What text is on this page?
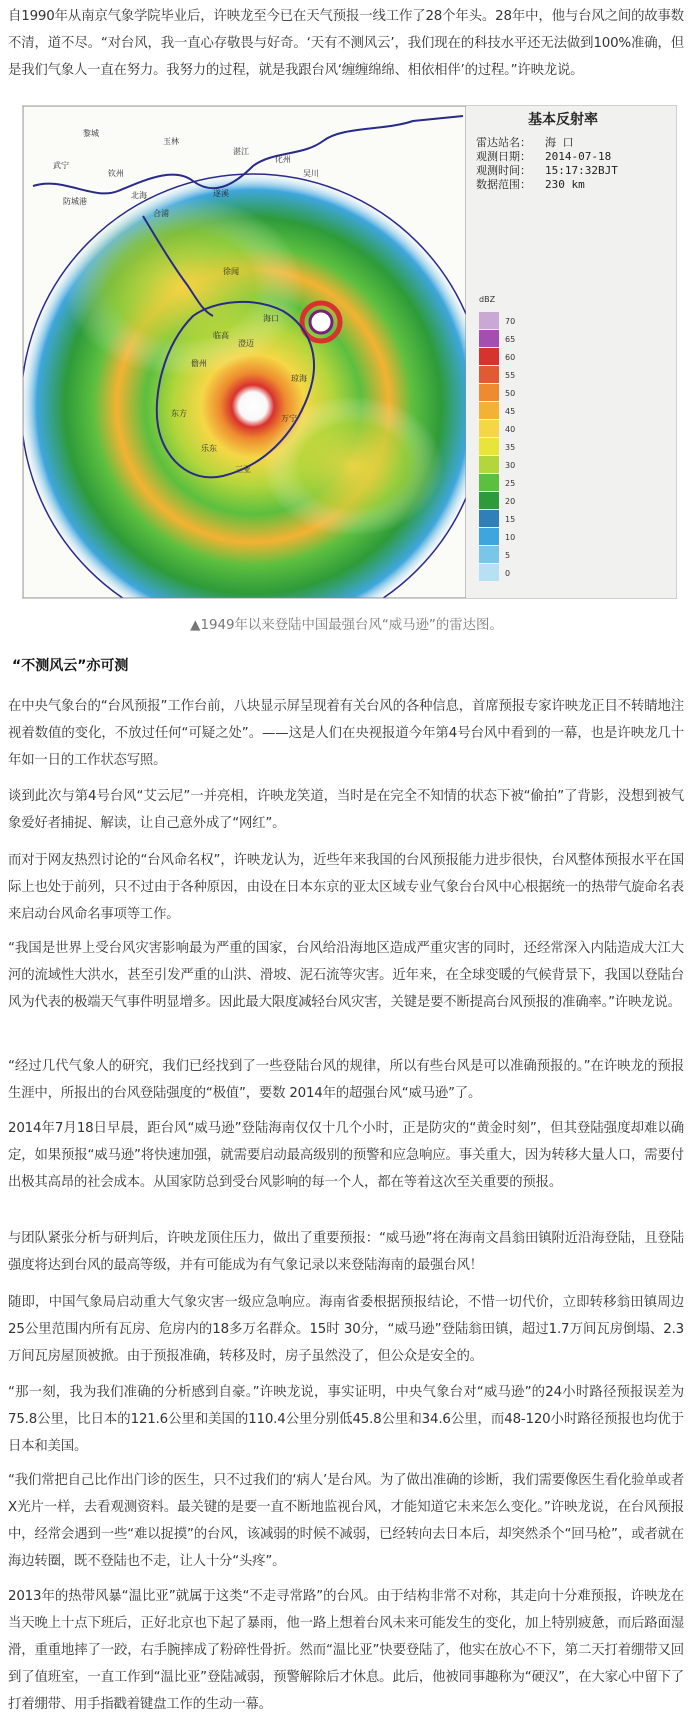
自1990年从南京气象学院毕业后，许映龙至今已在天气预报一线工作了28个年头。28年中，他与台风之间的故事数不清，道不尽。“对台风，我一直心存敬畏与好奇。‘天有不测风云’，我们现在的科技水平还无法做到100%准确，但是我们气象人一直在努力。我努力的过程，就是我跟台风‘缠缠绵绵、相依相伴’的过程。”许映龙说。

黎城
武宁
玉林
北海
湛江
化州
防城港
钦州
合浦
海口
儋州
东方
三亚
琼海
万宁
乐东
吴川
遂溪
徐闻
临高
澄迈
基本反射率
雷达站名： 海 口
观测日期： 2014-07-18
观测时间： 15:17:32BJT
数据范围： 230 km
dBZ
70
65
60
55
50
45
40
35
30
25
20
15
10
5
0
▲1949年以来登陆中国最强台风“威马逊”的雷达图。
“不测风云”亦可测

在中央气象台的“台风预报”工作台前，八块显示屏呈现着有关台风的各种信息，首席预报专家许映龙正目不转睛地注视着数值的变化，不放过任何“可疑之处”。——这是人们在央视报道今年第4号台风中看到的一幕，也是许映龙几十年如一日的工作状态写照。

谈到此次与第4号台风“艾云尼”一并亮相，许映龙笑道，当时是在完全不知情的状态下被“偷拍”了背影，没想到被气象爱好者捕捉、解读，让自己意外成了“网红”。

而对于网友热烈讨论的“台风命名权”，许映龙认为，近些年来我国的台风预报能力进步很快，台风整体预报水平在国际上也处于前列，只不过由于各种原因，由设在日本东京的亚太区域专业气象台台风中心根据统一的热带气旋命名表来启动台风命名事项等工作。

“我国是世界上受台风灾害影响最为严重的国家，台风给沿海地区造成严重灾害的同时，还经常深入内陆造成大江大河的流域性大洪水，甚至引发严重的山洪、滑坡、泥石流等灾害。近年来，在全球变暖的气候背景下，我国以登陆台风为代表的极端天气事件明显增多。因此最大限度减轻台风灾害，关键是要不断提高台风预报的准确率。”许映龙说。

“经过几代气象人的研究，我们已经找到了一些登陆台风的规律，所以有些台风是可以准确预报的。”在许映龙的预报生涯中，所报出的台风登陆强度的“极值”，要数 2014年的超强台风“威马逊”了。

2014年7月18日早晨，距台风“威马逊”登陆海南仅仅十几个小时，正是防灾的“黄金时刻”，但其登陆强度却难以确定，如果预报“威马逊”将快速加强，就需要启动最高级别的预警和应急响应。事关重大，因为转移大量人口，需要付出极其高昂的社会成本。从国家防总到受台风影响的每一个人，都在等着这次至关重要的预报。

与团队紧张分析与研判后，许映龙顶住压力，做出了重要预报：“威马逊”将在海南文昌翁田镇附近沿海登陆，且登陆强度将达到台风的最高等级，并有可能成为有气象记录以来登陆海南的最强台风！

随即，中国气象局启动重大气象灾害一级应急响应。海南省委根据预报结论，不惜一切代价，立即转移翁田镇周边25公里范围内所有瓦房、危房内的18多万名群众。15时 30分，“威马逊”登陆翁田镇，超过1.7万间瓦房倒塌、2.3万间瓦房屋顶被掀。由于预报准确，转移及时，房子虽然没了，但公众是安全的。

“那一刻，我为我们准确的分析感到自豪。”许映龙说，事实证明，中央气象台对“威马逊”的24小时路径预报误差为75.8公里，比日本的121.6公里和美国的110.4公里分别低45.8公里和34.6公里，而48-120小时路径预报也均优于日本和美国。

“我们常把自己比作出门诊的医生，只不过我们的‘病人’是台风。为了做出准确的诊断，我们需要像医生看化验单或者X光片一样，去看观测资料。最关键的是要一直不断地监视台风，才能知道它未来怎么变化。”许映龙说，在台风预报中，经常会遇到一些“难以捉摸”的台风，该减弱的时候不减弱，已经转向去日本后，却突然杀个“回马枪”，或者就在海边转圈，既不登陆也不走，让人十分“头疼”。

2013年的热带风暴“温比亚”就属于这类“不走寻常路”的台风。由于结构非常不对称，其走向十分难预报，许映龙在当天晚上十点下班后，正好北京也下起了暴雨，他一路上想着台风未来可能发生的变化，加上特别疲惫，而后路面湿滑，重重地摔了一跤，右手腕摔成了粉碎性骨折。然而“温比亚”快要登陆了，他实在放心不下，第二天打着绷带又回到了值班室，一直工作到“温比亚”登陆减弱，预警解除后才休息。此后，他被同事趣称为“硬汉”，在大家心中留下了打着绷带、用手指戳着键盘工作的生动一幕。
